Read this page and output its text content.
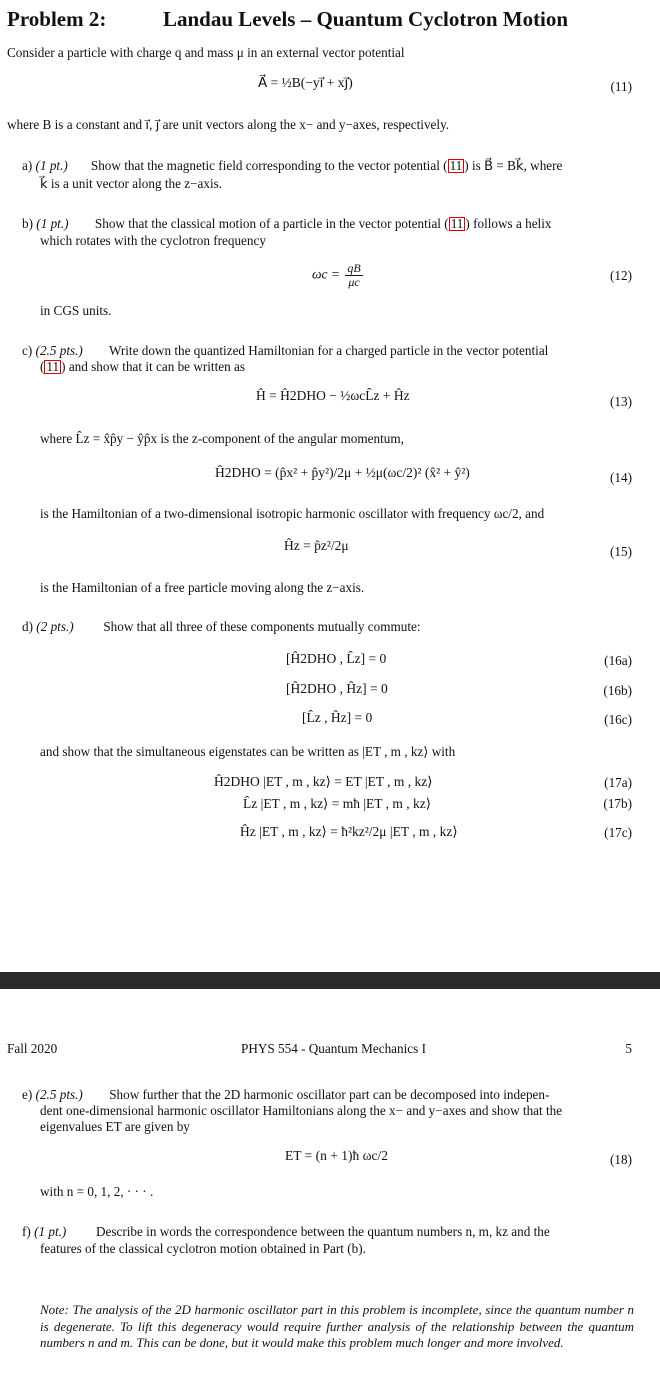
Problem 2:	Landau Levels – Quantum Cyclotron Motion
Consider a particle with charge q and mass μ in an external vector potential
A⃗ = ½B(−yı⃗ + xȷ⃗)	(11)
where B is a constant and ı⃗, ȷ⃗ are unit vectors along the x− and y−axes, respectively.
a) (1 pt.) Show that the magnetic field corresponding to the vector potential ( 11 ) is B⃗ = Bk⃗, where
k⃗ is a unit vector along the z−axis.
b) (1 pt.) Show that the classical motion of a particle in the vector potential ( 11 ) follows a helix
which rotates with the cyclotron frequency
$\omega c = \frac{qB}{\mu c}$	(12)
in CGS units.
c) (2.5 pts.) Write down the quantized Hamiltonian for a charged particle in the vector potential
( 11 ) and show that it can be written as
Ĥ = Ĥ2DHO − ½ωcL̂z + Ĥz	(13)
where L̂z = x̂p̂y − ŷp̂x is the z-component of the angular momentum,
Ĥ2DHO = (p̂x² + p̂y²)/2μ + ½μ(ωc/2)² (x̂² + ŷ²)	(14)
is the Hamiltonian of a two-dimensional isotropic harmonic oscillator with frequency ωc/2, and
Ĥz = p̂z²/2μ	(15)
is the Hamiltonian of a free particle moving along the z−axis.
d) (2 pts.) Show that all three of these components mutually commute:
[Ĥ2DHO , L̂z] = 0	(16a)
[Ĥ2DHO , Ĥz] = 0	(16b)
[L̂z , Ĥz] = 0	(16c)
and show that the simultaneous eigenstates can be written as |ET , m , kz⟩ with
Ĥ2DHO |ET , m , kz⟩ = ET |ET , m , kz⟩	(17a)
L̂z |ET , m , kz⟩ = mħ |ET , m , kz⟩	(17b)
Ĥz |ET , m , kz⟩ = ħ²kz²/2μ |ET , m , kz⟩	(17c)
Fall 2020	PHYS 554 - Quantum Mechanics I	5
e) (2.5 pts.) Show further that the 2D harmonic oscillator part can be decomposed into indepen-
dent one-dimensional harmonic oscillator Hamiltonians along the x− and y−axes and show that the
eigenvalues ET are given by
ET = (n + 1)ħ ωc/2	(18)
with n = 0, 1, 2, · · · .
f) (1 pt.) Describe in words the correspondence between the quantum numbers n, m, kz and the
features of the classical cyclotron motion obtained in Part (b).
Note: The analysis of the 2D harmonic oscillator part in this problem is incomplete, since the quantum number n is degenerate. To lift this degeneracy would require further analysis of the relationship between the quantum numbers n and m. This can be done, but it would make this problem much longer and more involved.
